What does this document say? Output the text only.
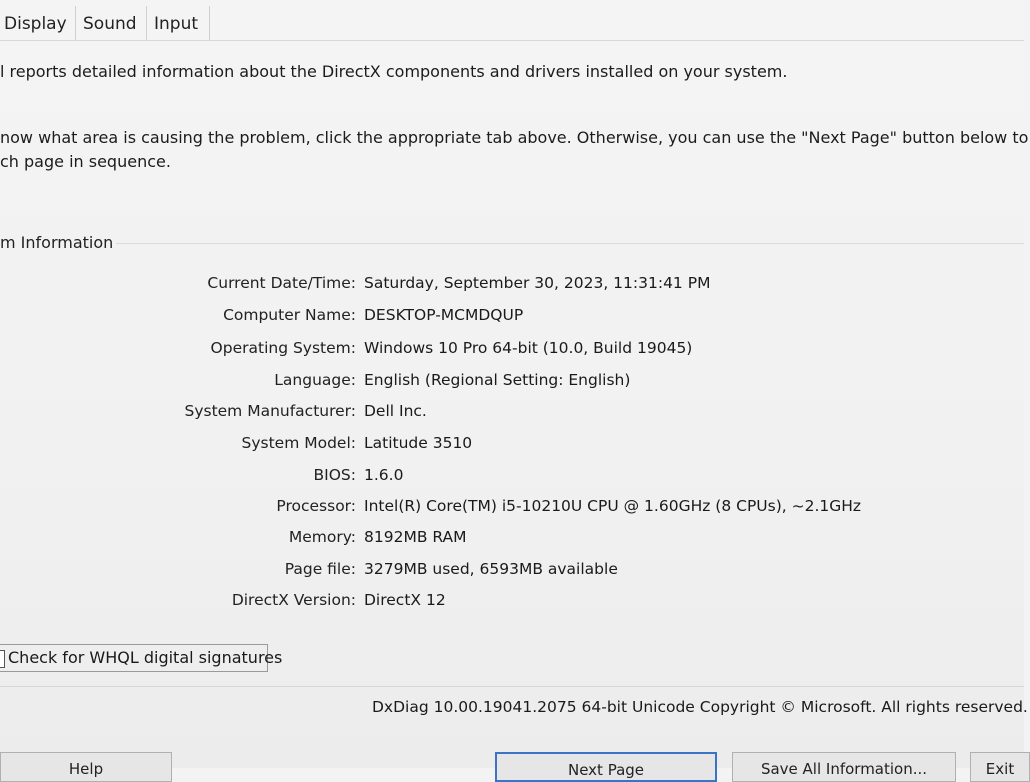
Display Sound	Input
l reports detailed information about the DirectX components and drivers installed on your system.
now what area is causing the problem, click the appropriate tab above. Otherwise, you can use the "Next Page" button below to
ch page in sequence.
m Information
Current Date/Time: Saturday, September 30, 2023, 11:31:41 PM
Computer Name: DESKTOP-MCMDQUP
Operating System: Windows 10 Pro 64-bit (10.0, Build 19045)
Language: English (Regional Setting: English)
System Manufacturer: Dell Inc.
System Model: Latitude 3510
BIOS: 1.6.0
Processor: Intel(R) Core(TM) i5-10210U CPU @ 1.60GHz (8 CPUs), ~2.1GHz
Memory: 8192MB RAM
Page file: 3279MB used, 6593MB available
DirectX Version: DirectX 12
Check for WHQL digital signatures
DxDiag 10.00.19041.2075 64-bit Unicode Copyright © Microsoft. All rights reserved.
Help	Next Page	Save All Information...	Exit
